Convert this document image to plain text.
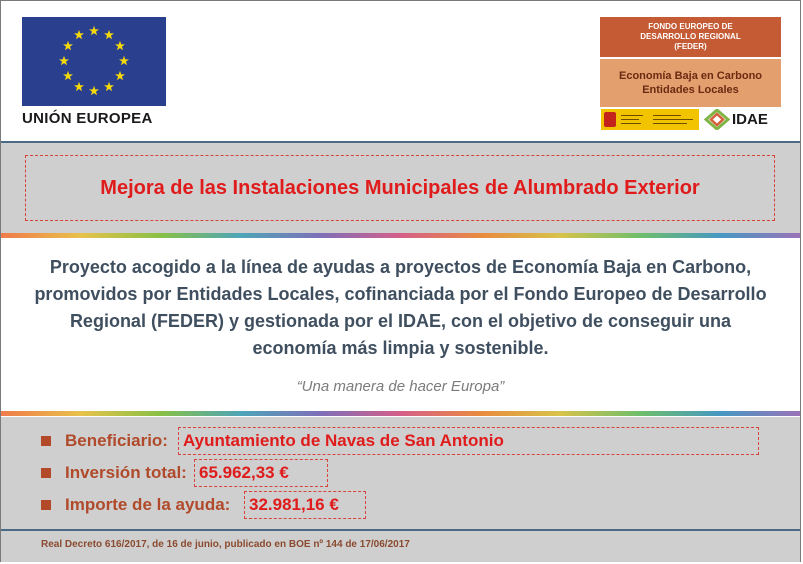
UNIÓN EUROPEA
FONDO EUROPEO DE
DESARROLLO REGIONAL
(FEDER)
Economía Baja en Carbono
Entidades Locales
IDAE
Mejora de las Instalaciones Municipales de Alumbrado Exterior
Proyecto acogido a la línea de ayudas a proyectos de Economía Baja en Carbono, promovidos por Entidades Locales, cofinanciada por el Fondo Europeo de Desarrollo Regional (FEDER) y gestionada por el IDAE, con el objetivo de conseguir una economía más limpia y sostenible.
“Una manera de hacer Europa”
Beneficiario: Ayuntamiento de Navas de San Antonio
Inversión total: 65.962,33 €
Importe de la ayuda: 32.981,16 €
Real Decreto 616/2017, de 16 de junio, publicado en BOE nº 144 de 17/06/2017
